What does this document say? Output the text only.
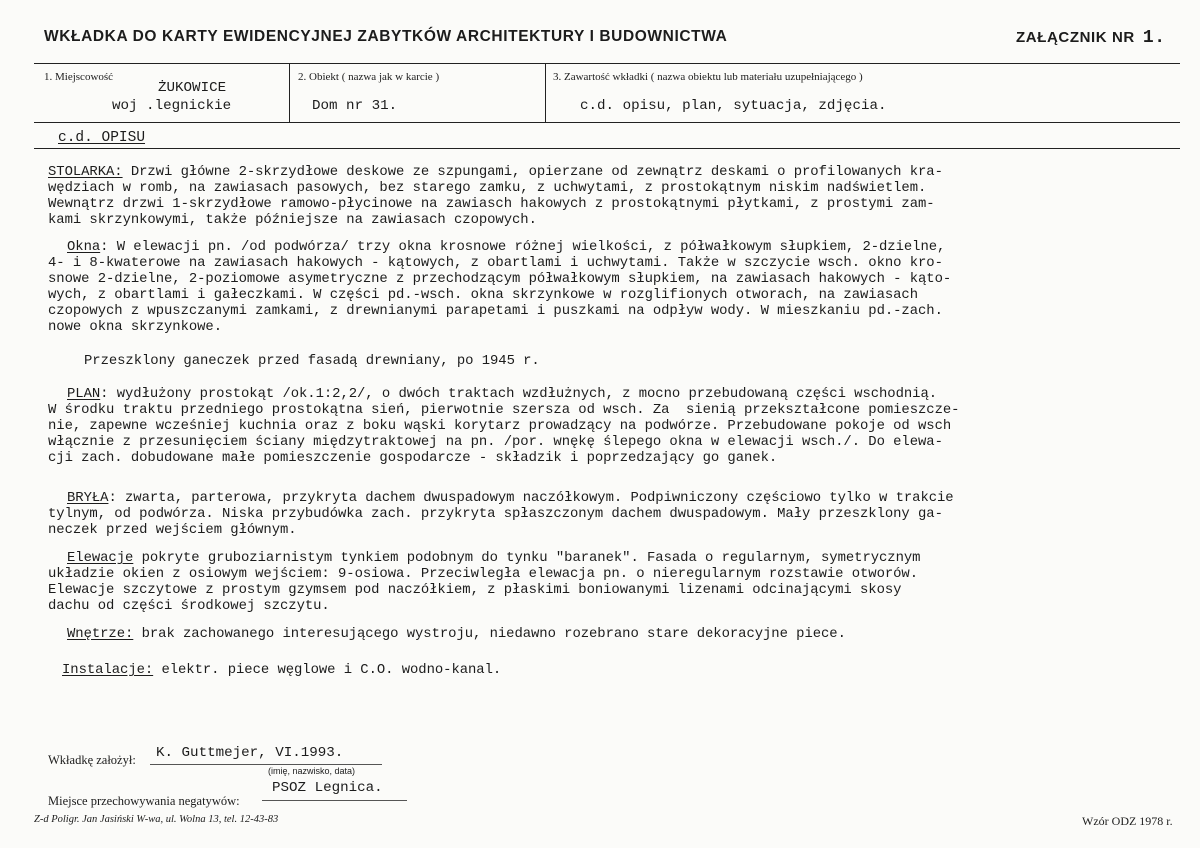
WKŁADKA DO KARTY EWIDENCYJNEJ ZABYTKÓW ARCHITEKTURY I BUDOWNICTWA	ZAŁĄCZNIK NR 1.
1. Miejscowość
ŻUKOWICE
woj .legnickie
2. Obiekt ( nazwa jak w karcie )
Dom nr 31.
3. Zawartość wkładki ( nazwa obiektu lub materiału uzupełniającego )
c.d. opisu, plan, sytuacja, zdjęcia.
c.d. OPISU
STOLARKA: Drzwi główne 2-skrzydłowe deskowe ze szpungami, opierzane od zewnątrz deskami o profilowanych kra-
wędziach w romb, na zawiasach pasowych, bez starego zamku, z uchwytami, z prostokątnym niskim nadświetlem.
Wewnątrz drzwi 1-skrzydłowe ramowo-płycinowe na zawiasch hakowych z prostokątnymi płytkami, z prostymi zam-
kami skrzynkowymi, także późniejsze na zawiasach czopowych.
Okna: W elewacji pn. /od podwórza/ trzy okna krosnowe różnej wielkości, z półwałkowym słupkiem, 2-dzielne,
4- i 8-kwaterowe na zawiasach hakowych - kątowych, z obartlami i uchwytami. Także w szczycie wsch. okno kro-
snowe 2-dzielne, 2-poziomowe asymetryczne z przechodzącym półwałkowym słupkiem, na zawiasach hakowych - kąto-
wych, z obartlami i gałeczkami. W części pd.-wsch. okna skrzynkowe w rozglifionych otworach, na zawiasach
czopowych z wpuszczanymi zamkami, z drewnianymi parapetami i puszkami na odpływ wody. W mieszkaniu pd.-zach.
nowe okna skrzynkowe.
Przeszklony ganeczek przed fasadą drewniany, po 1945 r.
PLAN: wydłużony prostokąt /ok.1:2,2/, o dwóch traktach wzdłużnych, z mocno przebudowaną części wschodnią.
W środku traktu przedniego prostokątna sień, pierwotnie szersza od wsch. Za  sienią przekształcone pomieszcze-
nie, zapewne wcześniej kuchnia oraz z boku wąski korytarz prowadzący na podwórze. Przebudowane pokoje od wsch
włącznie z przesunięciem ściany międzytraktowej na pn. /por. wnękę ślepego okna w elewacji wsch./. Do elewa-
cji zach. dobudowane małe pomieszczenie gospodarcze - składzik i poprzedzający go ganek.
BRYŁA: zwarta, parterowa, przykryta dachem dwuspadowym naczółkowym. Podpiwniczony częściowo tylko w trakcie
tylnym, od podwórza. Niska przybudówka zach. przykryta spłaszczonym dachem dwuspadowym. Mały przeszklony ga-
neczek przed wejściem głównym.
Elewacje pokryte gruboziarnistym tynkiem podobnym do tynku "baranek". Fasada o regularnym, symetrycznym
układzie okien z osiowym wejściem: 9-osiowa. Przeciwległa elewacja pn. o nieregularnym rozstawie otworów.
Elewacje szczytowe z prostym gzymsem pod naczółkiem, z płaskimi boniowanymi lizenami odcinającymi skosy
dachu od części środkowej szczytu.
Wnętrze: brak zachowanego interesującego wystroju, niedawno rozebrano stare dekoracyjne piece.
Instalacje: elektr. piece węglowe i C.O. wodno-kanal.
Wkładkę założył: K. Guttmejer, VI.1993.
(imię, nazwisko, data)
Miejsce przechowywania negatywów:
PSOZ Legnica.
Z-d Poligr. Jan Jasiński W-wa, ul. Wolna 13, tel. 12-43-83	Wzór ODZ 1978 r.
